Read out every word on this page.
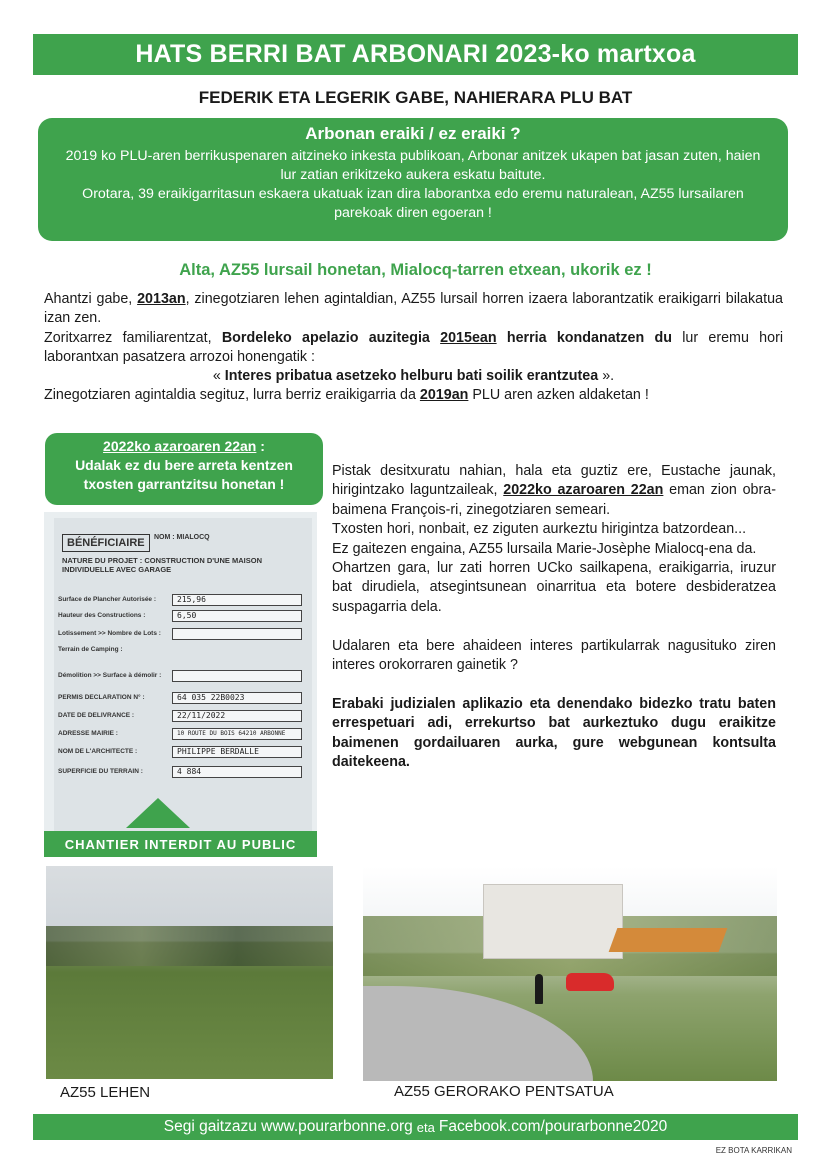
HATS BERRI BAT ARBONARI 2023-ko martxoa
FEDERIK ETA LEGERIK GABE, NAHIERARA PLU BAT
Arbonan eraiki / ez eraiki ?

2019 ko PLU-aren berrikuspenaren aitzineko inkesta publikoan, Arbonar anitzek ukapen bat jasan zuten, haien lur zatian erikitzeko aukera eskatu baitute.

Orotara, 39 eraikigarritasun eskaera ukatuak izan dira laborantxa edo eremu naturalean, AZ55 lursailaren parekoak diren egoeran !

Alta, AZ55 lursail honetan, Mialocq-tarren etxean, ukorik ez !

Ahantzi gabe, 2013an, zinegotziaren lehen agintaldian, AZ55 lursail horren izaera laborantzatik eraikigarri bilakatua izan zen.

Zoritxarrez familiarentzat, Bordeleko apelazio auzitegia 2015ean herria kondanatzen du lur eremu hori laborantxan pasatzera arrozoi honengatik :

« Interes pribatua asetzeko helburu bati soilik erantzutea ».

Zinegotziaren agintaldia segituz, lurra berriz eraikigarria da 2019an PLU aren azken aldaketan !

2022ko azaroaren 22an :
Udalak ez du bere arreta kentzen txosten garrantzitsu honetan !
BÉNÉFICIAIRE	NOM : MIALOCQ
NATURE DU PROJET : CONSTRUCTION D'UNE MAISON INDIVIDUELLE AVEC GARAGE
Surface de Plancher Autorisée :	215,96
Hauteur des Constructions :	6,50
Lotissement >> Nombre de Lots :
Terrain de Camping :
Démolition >> Surface à démolir :
PERMIS DECLARATION N° :	64 035 22B0023
DATE DE DELIVRANCE :	22/11/2022
ADRESSE MAIRIE :	10 ROUTE DU BOIS 64210 ARBONNE
NOM DE L'ARCHITECTE :	PHILIPPE BERDALLE
SUPERFICIE DU TERRAIN :	4 884
CHANTIER INTERDIT AU PUBLIC

Pistak desitxuratu nahian, hala eta guztiz ere, Eustache jaunak, hirigintzako laguntzaileak, 2022ko azaroaren 22an eman zion obra-baimena François-ri, zinegotziaren semeari.

Txosten hori, nonbait, ez ziguten aurkeztu hirigintza batzordean...

Ez gaitezen engaina, AZ55 lursaila Marie-Josèphe Mialocq-ena da.

Ohartzen gara, lur zati horren UCko sailkapena, eraikigarria, iruzur bat dirudiela, atsegintsunean oinarritua eta botere desbideratzea suspagarria dela.

Udalaren eta bere ahaideen interes partikularrak nagusituko ziren interes orokorraren gainetik ?

Erabaki judizialen aplikazio eta denendako bidezko tratu baten errespetuari adi, errekurtso bat aurkeztuko dugu eraikitze baimenen gordailuaren aurka, gure webgunean kontsulta daitekeena.

AZ55 LEHEN	AZ55 GERORAKO PENTSATUA
Segi gaitzazu www.pourarbonne.org eta Facebook.com/pourarbonne2020
EZ BOTA KARRIKAN
